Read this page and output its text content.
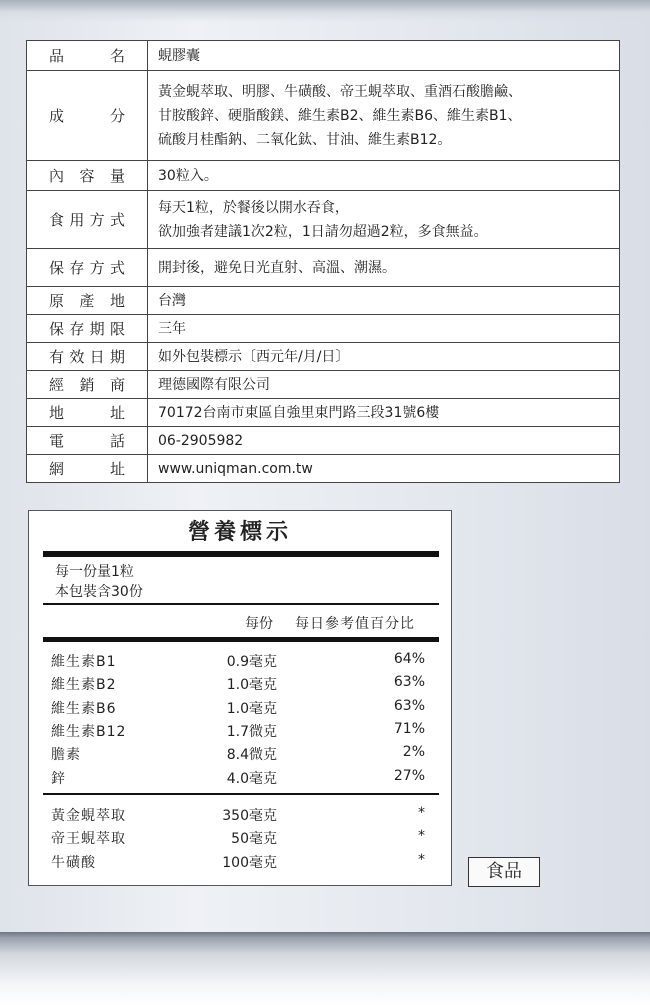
品名	蜆膠囊

成分	黃金蜆萃取、明膠、牛磺酸、帝王蜆萃取、重酒石酸膽鹼、
甘胺酸鋅、硬脂酸鎂、維生素B2、維生素B6、維生素B1、
硫酸月桂酯鈉、二氧化鈦、甘油、維生素B12。

內容量	30粒入。

食用方式	每天1粒，於餐後以開水吞食，
欲加強者建議1次2粒，1日請勿超過2粒，多食無益。

保存方式	開封後，避免日光直射、高溫、潮濕。

原產地	台灣

保存期限	三年

有效日期	如外包裝標示〔西元年/月/日〕

經銷商	理德國際有限公司

地址	70172台南市東區自強里東門路三段31號6樓

電話	06-2905982

網址	www.uniqman.com.tw
營養標示
每一份量1粒
本包裝含30份
每份 每日參考值百分比
維生素B1	0.9毫克	64%
維生素B2	1.0毫克	63%
維生素B6	1.0毫克	63%
維生素B12	1.7微克	71%
膽素	8.4微克	2%
鋅	4.0毫克	27%
黃金蜆萃取	350毫克	*
帝王蜆萃取	50毫克	*
牛磺酸	100毫克	*
食品
